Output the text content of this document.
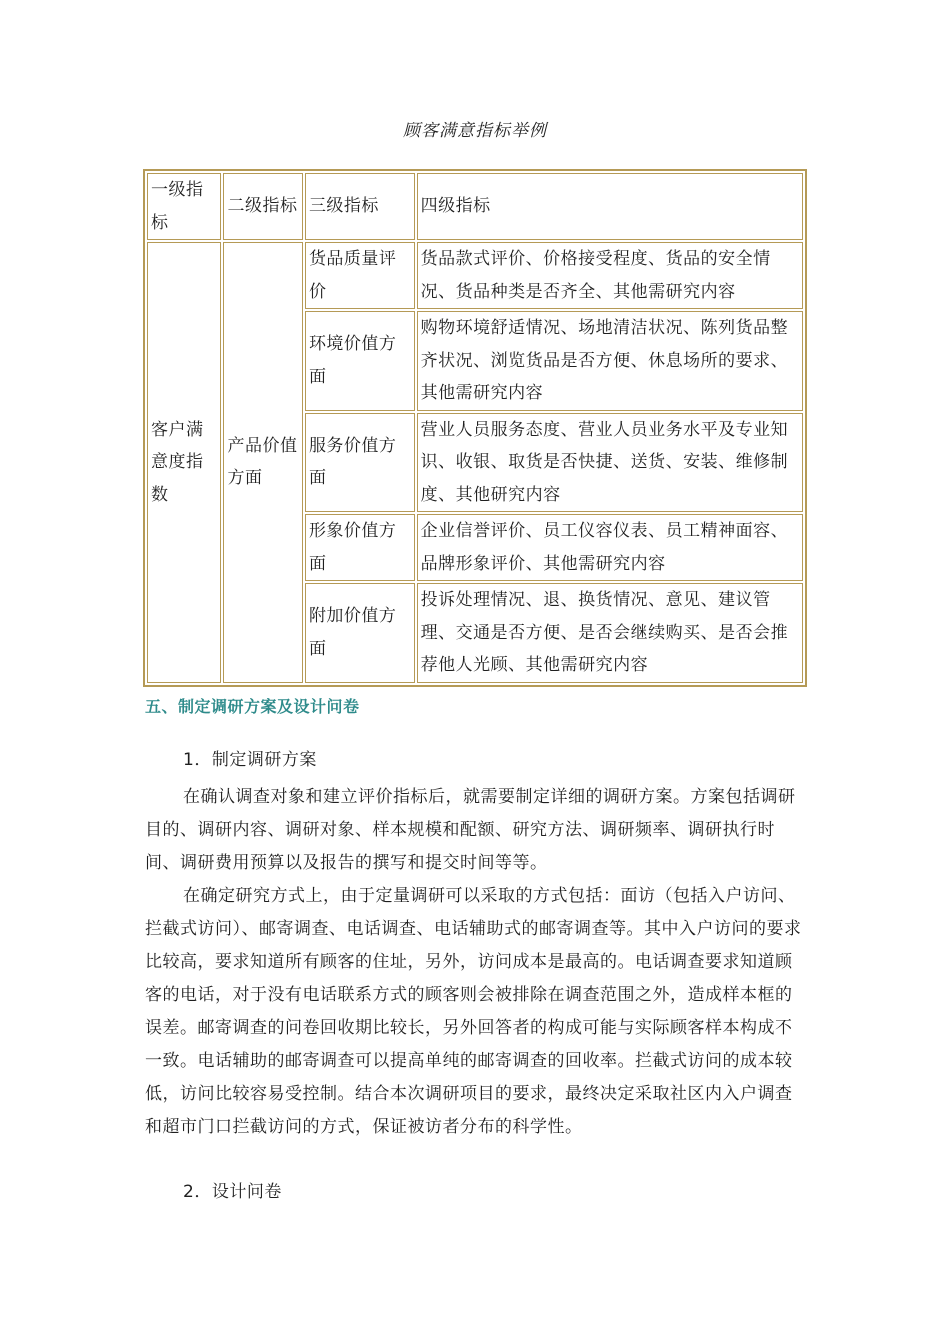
顾客满意指标举例
一级指标	二级指标	三级指标	四级指标
客户满意度指数	产品价值方面	货品质量评价	货品款式评价、价格接受程度、货品的安全情况、货品种类是否齐全、其他需研究内容
		环境价值方面	购物环境舒适情况、场地清洁状况、陈列货品整齐状况、浏览货品是否方便、休息场所的要求、其他需研究内容
		服务价值方面	营业人员服务态度、营业人员业务水平及专业知识、收银、取货是否快捷、送货、安装、维修制度、其他研究内容
		形象价值方面	企业信誉评价、员工仪容仪表、员工精神面容、品牌形象评价、其他需研究内容
		附加价值方面	投诉处理情况、退、换货情况、意见、建议管理、交通是否方便、是否会继续购买、是否会推荐他人光顾、其他需研究内容
五、制定调研方案及设计问卷
1．制定调研方案
在确认调查对象和建立评价指标后，就需要制定详细的调研方案。方案包括调研目的、调研内容、调研对象、样本规模和配额、研究方法、调研频率、调研执行时间、调研费用预算以及报告的撰写和提交时间等等。
在确定研究方式上，由于定量调研可以采取的方式包括：面访（包括入户访问、拦截式访问）、邮寄调查、电话调查、电话辅助式的邮寄调查等。其中入户访问的要求比较高，要求知道所有顾客的住址，另外，访问成本是最高的。电话调查要求知道顾客的电话，对于没有电话联系方式的顾客则会被排除在调查范围之外，造成样本框的误差。邮寄调查的问卷回收期比较长，另外回答者的构成可能与实际顾客样本构成不一致。电话辅助的邮寄调查可以提高单纯的邮寄调查的回收率。拦截式访问的成本较低，访问比较容易受控制。结合本次调研项目的要求，最终决定采取社区内入户调查和超市门口拦截访问的方式，保证被访者分布的科学性。
2．设计问卷
